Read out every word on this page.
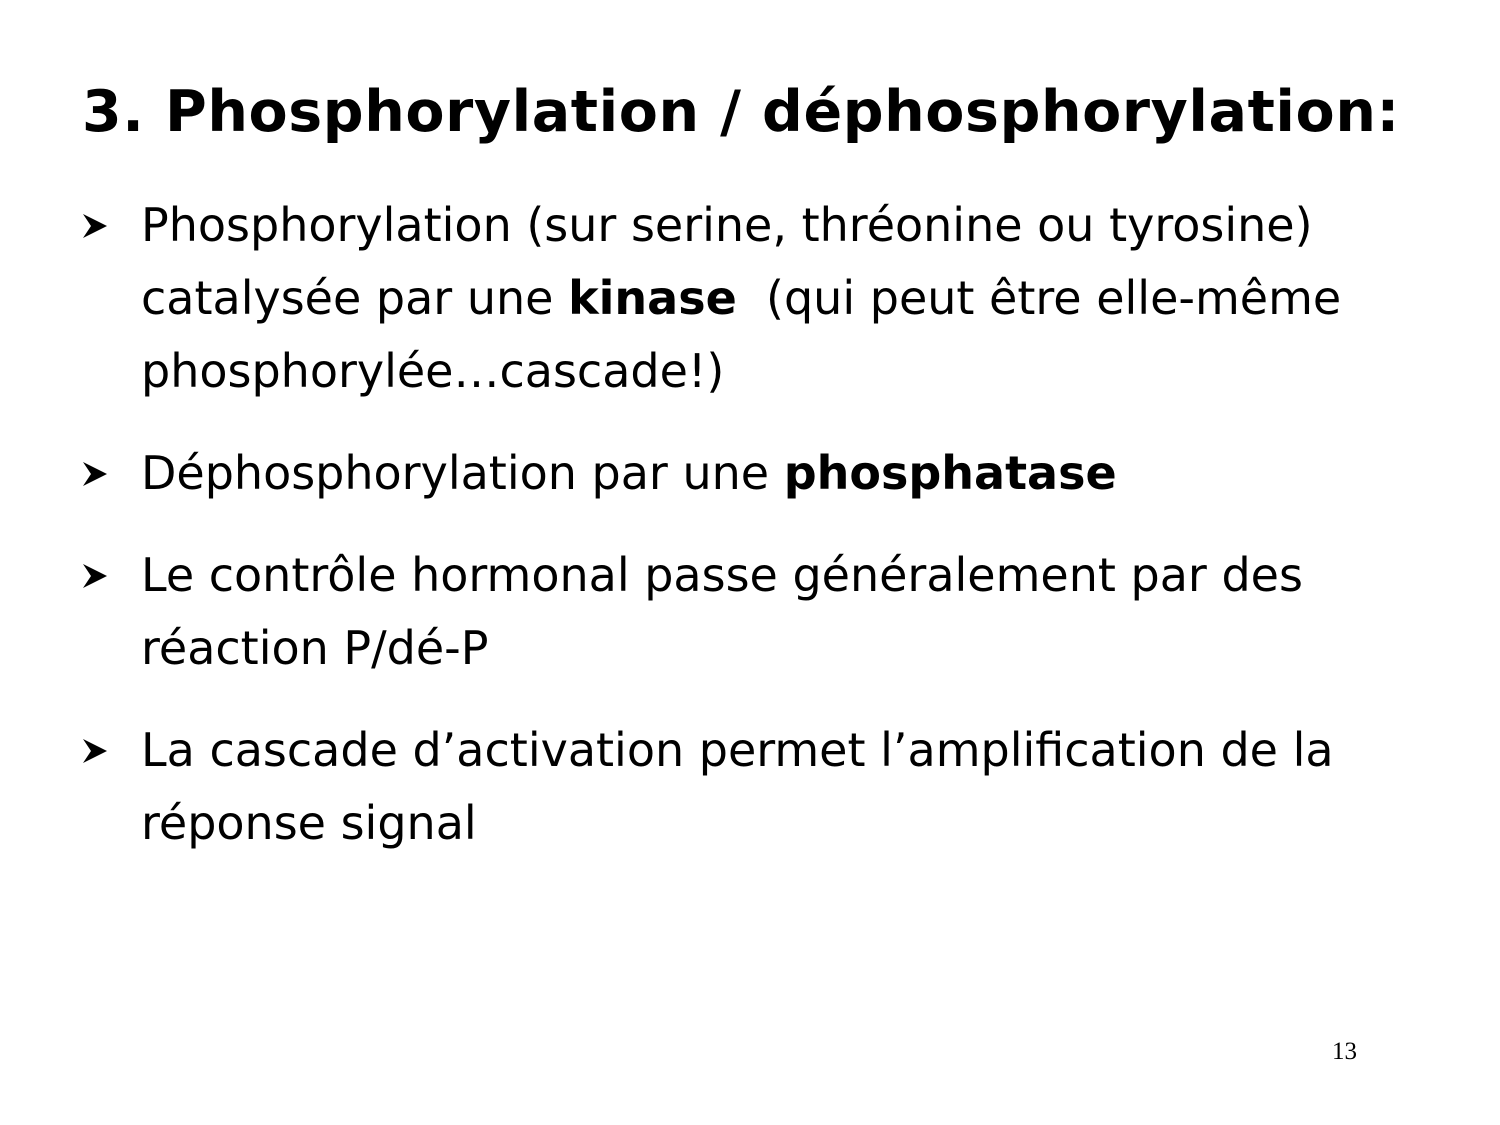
3. Phosphorylation / déphosphorylation:
Phosphorylation (sur serine, thréonine ou tyrosine) catalysée par une kinase  (qui peut être elle-même phosphorylée…cascade!)
Déphosphorylation par une phosphatase
Le contrôle hormonal passe généralement par des réaction P/dé-P
La cascade d’activation permet l’amplification de la réponse signal
13
